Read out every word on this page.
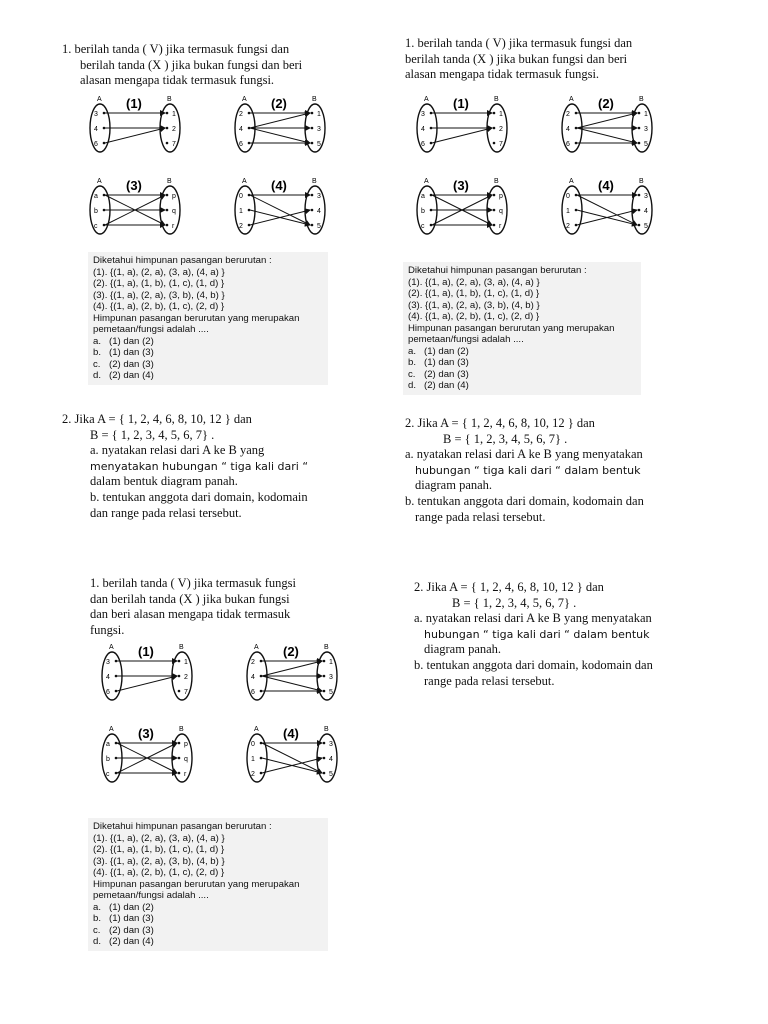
1. berilah tanda ( V) jika termasuk fungsi dan
berilah tanda (X ) jika bukan fungsi dan beri
alasan mengapa tidak termasuk fungsi.
A	B
(1)
3
4
6
1
2
7
A	B
(2)
2
4
6
1
3
5
A	B
(3)
a
b
c
p
q
r
A	B
(4)
0
1
2
3
4
5
Diketahui himpunan pasangan berurutan :
(1). {(1, a), (2, a), (3, a), (4, a) }
(2). {(1, a), (1, b), (1, c), (1, d) }
(3). {(1, a), (2, a), (3, b), (4, b) }
(4). {(1, a), (2, b), (1, c), (2, d) }
Himpunan pasangan berurutan yang merupakan
pemetaan/fungsi adalah ....
a. (1) dan (2)
b. (1) dan (3)
c. (2) dan (3)
d. (2) dan (4)
2. Jika A = { 1, 2, 4, 6, 8, 10, 12 } dan
B = { 1, 2, 3, 4, 5, 6, 7} .
a. nyatakan relasi dari A ke B yang
menyatakan hubungan “ tiga kali dari “
dalam bentuk diagram panah.
b. tentukan anggota dari domain, kodomain
dan range pada relasi tersebut.
1. berilah tanda ( V) jika termasuk fungsi dan
berilah tanda (X ) jika bukan fungsi dan beri
alasan mengapa tidak termasuk fungsi.
A	B
(1)
3
4
6
1
2
7
A	B
(2)
2
4
6
1
3
5
A	B
(3)
a
b
c
p
q
r
A	B
(4)
0
1
2
3
4
5
Diketahui himpunan pasangan berurutan :
(1). {(1, a), (2, a), (3, a), (4, a) }
(2). {(1, a), (1, b), (1, c), (1, d) }
(3). {(1, a), (2, a), (3, b), (4, b) }
(4). {(1, a), (2, b), (1, c), (2, d) }
Himpunan pasangan berurutan yang merupakan
pemetaan/fungsi adalah ....
a. (1) dan (2)
b. (1) dan (3)
c. (2) dan (3)
d. (2) dan (4)
2. Jika A = { 1, 2, 4, 6, 8, 10, 12 } dan
B = { 1, 2, 3, 4, 5, 6, 7} .
a. nyatakan relasi dari A ke B yang menyatakan
hubungan “ tiga kali dari “ dalam bentuk
diagram panah.
b. tentukan anggota dari domain, kodomain dan
range pada relasi tersebut.
1. berilah tanda ( V) jika termasuk fungsi
dan berilah tanda (X ) jika bukan fungsi
dan beri alasan mengapa tidak termasuk
fungsi.
A	B
(1)
3
4
6
1
2
7
A	B
(2)
2
4
6
1
3
5
A	B
(3)
a
b
c
p
q
r
A	B
(4)
0
1
2
3
4
5
Diketahui himpunan pasangan berurutan :
(1). {(1, a), (2, a), (3, a), (4, a) }
(2). {(1, a), (1, b), (1, c), (1, d) }
(3). {(1, a), (2, a), (3, b), (4, b) }
(4). {(1, a), (2, b), (1, c), (2, d) }
Himpunan pasangan berurutan yang merupakan
pemetaan/fungsi adalah ....
a. (1) dan (2)
b. (1) dan (3)
c. (2) dan (3)
d. (2) dan (4)
2. Jika A = { 1, 2, 4, 6, 8, 10, 12 } dan
B = { 1, 2, 3, 4, 5, 6, 7} .
a. nyatakan relasi dari A ke B yang menyatakan
hubungan “ tiga kali dari “ dalam bentuk
diagram panah.
b. tentukan anggota dari domain, kodomain dan
range pada relasi tersebut.
